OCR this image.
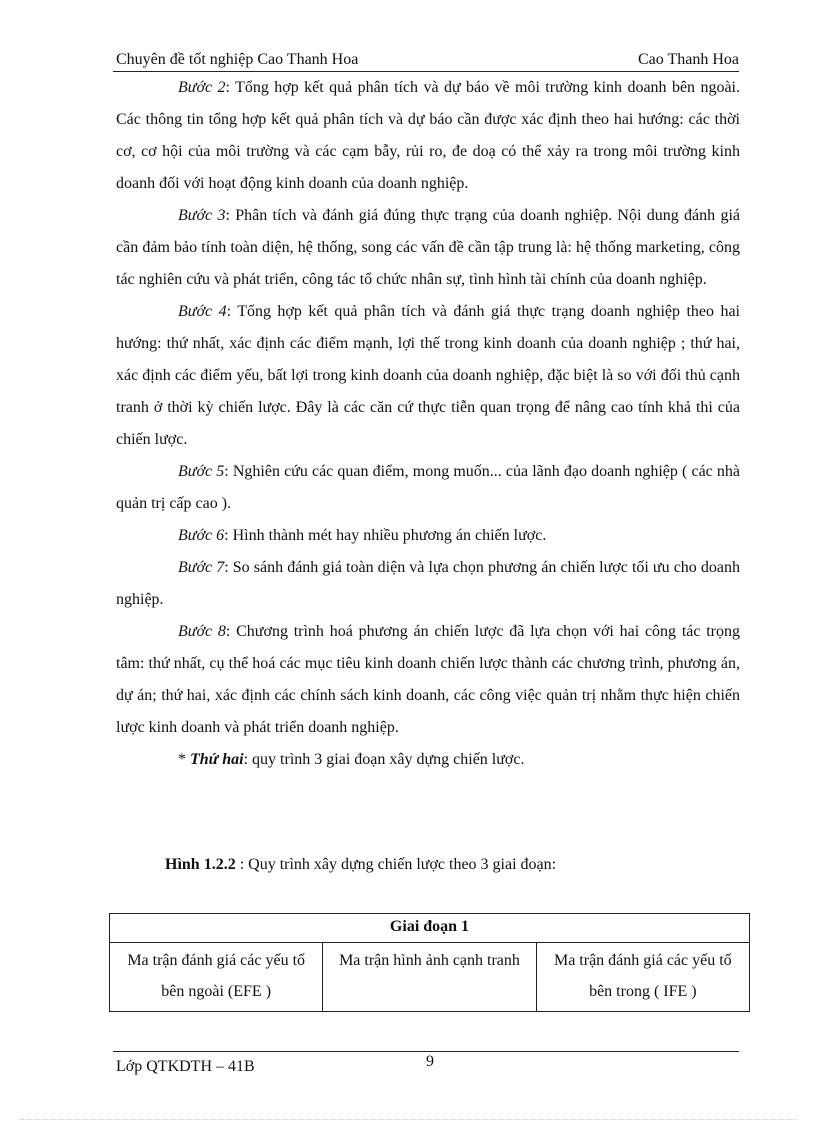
Chuyên đề tốt nghiệp Cao Thanh Hoa	Cao Thanh Hoa

Bước 2: Tổng hợp kết quả phân tích và dự báo về môi trường kinh doanh bên ngoài. Các thông tin tổng hợp kết quả phân tích và dự báo cần được xác định theo hai hướng: các thời cơ, cơ hội của môi trường và các cạm bẫy, rủi ro, đe doạ có thể xảy ra trong môi trường kinh doanh đối với hoạt động kinh doanh của doanh nghiệp.

Bước 3: Phân tích và đánh giá đúng thực trạng của doanh nghiệp. Nội dung đánh giá cần đảm bảo tính toàn diện, hệ thống, song các vấn đề cần tập trung là: hệ thống marketing, công tác nghiên cứu và phát triển, công tác tổ chức nhân sự, tình hình tài chính của doanh nghiệp.

Bước 4: Tổng hợp kết quả phân tích và đánh giá thực trạng doanh nghiệp theo hai hướng: thứ nhất, xác định các điểm mạnh, lợi thế trong kinh doanh của doanh nghiệp ; thứ hai, xác định các điểm yếu, bất lợi trong kinh doanh của doanh nghiệp, đặc biệt là so với đối thủ cạnh tranh ở thời kỳ chiến lược. Đây là các căn cứ thực tiễn quan trọng để nâng cao tính khả thi của chiến lược.

Bước 5: Nghiên cứu các quan điểm, mong muốn... của lãnh đạo doanh nghiệp ( các nhà quản trị cấp cao ).

Bước 6: Hình thành mét hay nhiều phương án chiến lược.

Bước 7: So sánh đánh giá toàn diện và lựa chọn phương án chiến lược tối ưu cho doanh nghiệp.

Bước 8: Chương trình hoá phương án chiến lược đã lựa chọn với hai công tác trọng tâm: thứ nhất, cụ thể hoá các mục tiêu kinh doanh chiến lược thành các chương trình, phương án, dự án; thứ hai, xác định các chính sách kinh doanh, các công việc quản trị nhằm thực hiện chiến lược kinh doanh và phát triển doanh nghiệp.

* Thứ hai: quy trình 3 giai đoạn xây dựng chiến lược.

Hình 1.2.2 : Quy trình xây dựng chiến lược theo 3 giai đoạn:
Giai đoạn 1
Ma trận đánh giá các yếu tố bên ngoài (EFE )	Ma trận hình ảnh cạnh tranh	Ma trận đánh giá các yếu tố bên trong ( IFE )
Lớp QTKDTH – 41B	9
